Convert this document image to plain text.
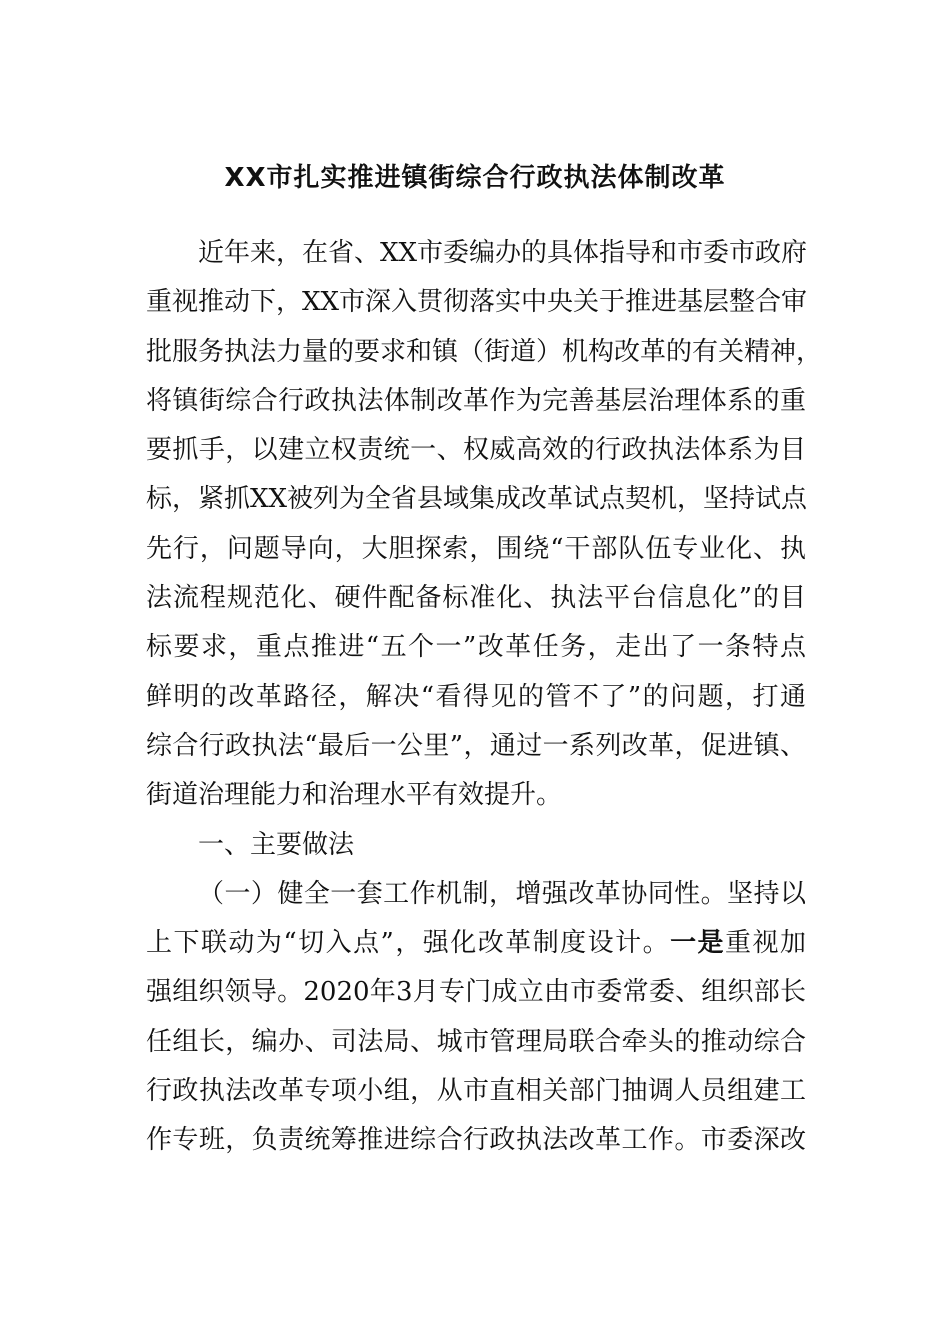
XX市扎实推进镇街综合行政执法体制改革
近年来，在省、XX市委编办的具体指导和市委市政府
重视推动下，XX市深入贯彻落实中央关于推进基层整合审
批服务执法力量的要求和镇（街道）机构改革的有关精神，
将镇街综合行政执法体制改革作为完善基层治理体系的重
要抓手，以建立权责统一、权威高效的行政执法体系为目
标，紧抓XX被列为全省县域集成改革试点契机，坚持试点
先行，问题导向，大胆探索，围绕“干部队伍专业化、执
法流程规范化、硬件配备标准化、执法平台信息化”的目
标要求，重点推进“五个一”改革任务，走出了一条特点
鲜明的改革路径，解决“看得见的管不了”的问题，打通
综合行政执法“最后一公里”，通过一系列改革，促进镇、
街道治理能力和治理水平有效提升。
一、主要做法
（一）健全一套工作机制，增强改革协同性。坚持以
上下联动为“切入点”，强化改革制度设计。一是重视加
强组织领导。2020年3月专门成立由市委常委、组织部长
任组长，编办、司法局、城市管理局联合牵头的推动综合
行政执法改革专项小组，从市直相关部门抽调人员组建工
作专班，负责统筹推进综合行政执法改革工作。市委深改
